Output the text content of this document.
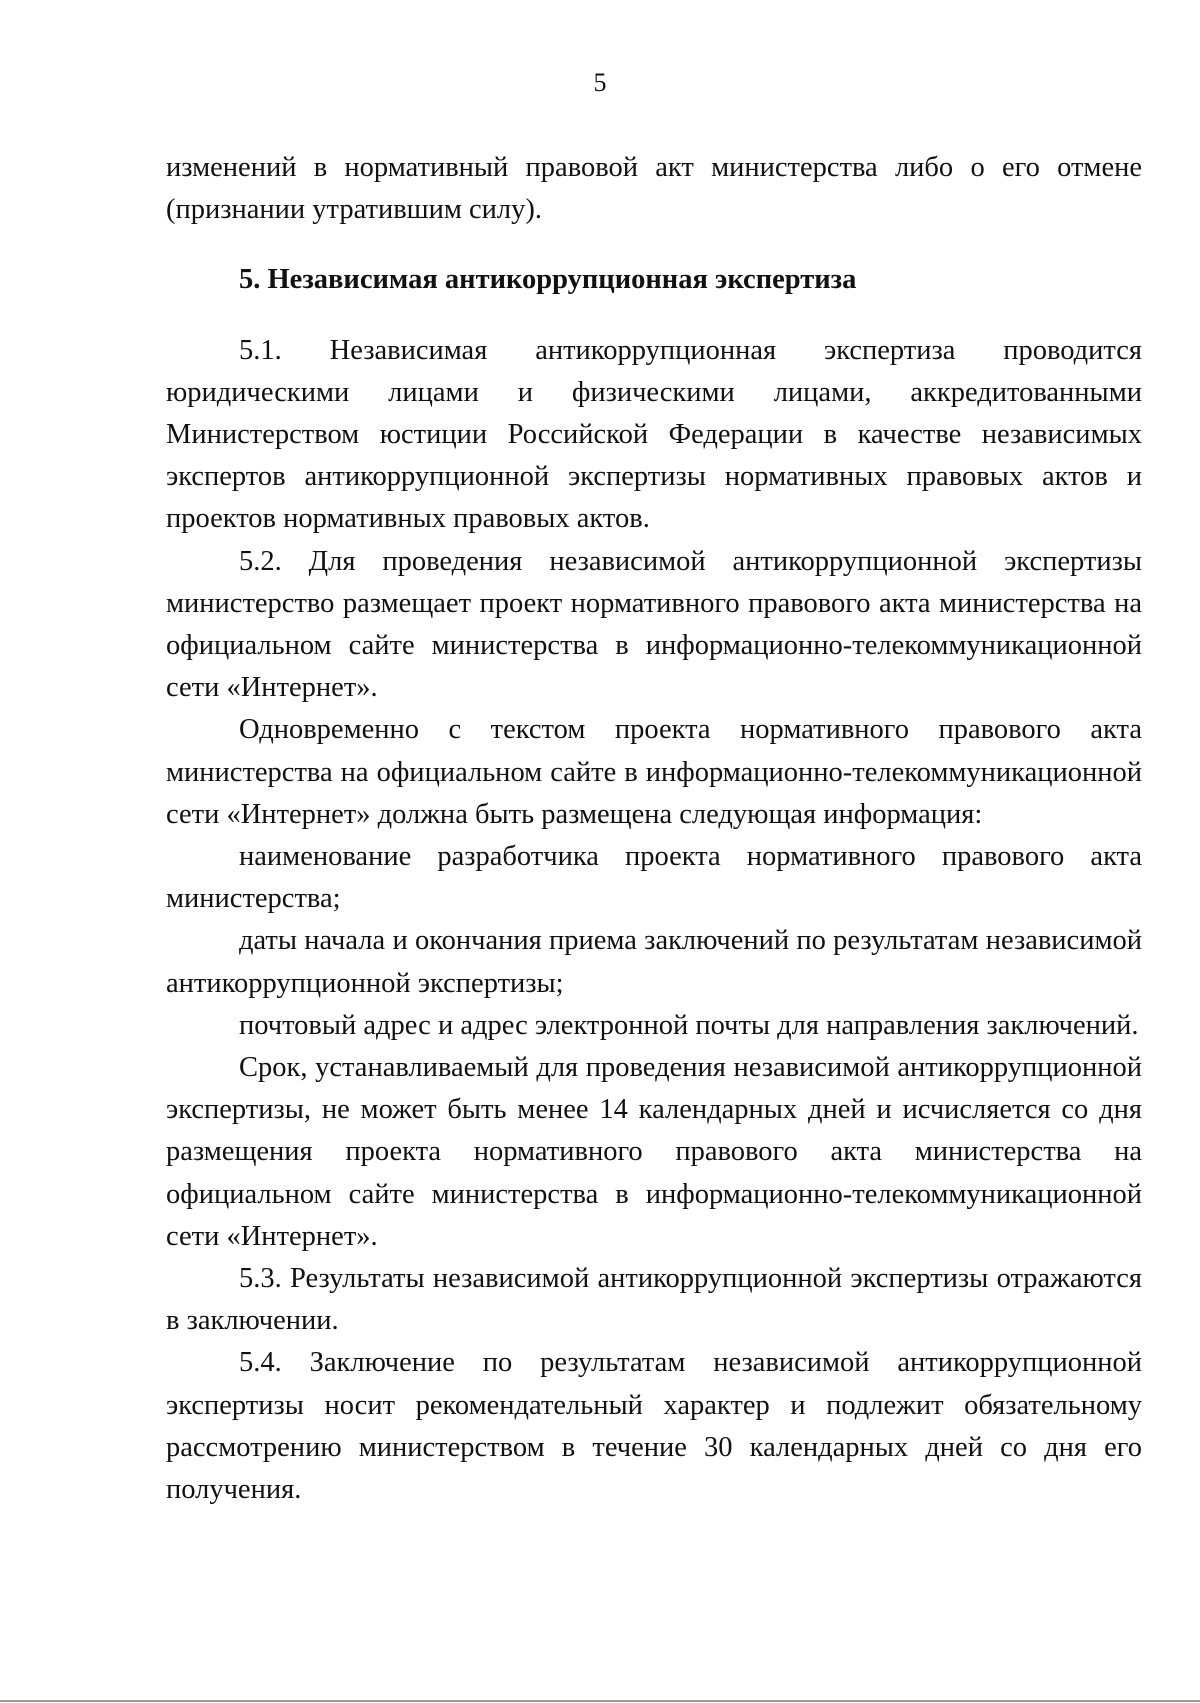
5

изменений в нормативный правовой акт министерства либо о его отмене (признании утратившим силу).

5. Независимая антикоррупционная экспертиза

5.1. Независимая антикоррупционная экспертиза проводится юридическими лицами и физическими лицами, аккредитованными Министерством юстиции Российской Федерации в качестве независимых экспертов антикоррупционной экспертизы нормативных правовых актов и проектов нормативных правовых актов.

5.2. Для проведения независимой антикоррупционной экспертизы министерство размещает проект нормативного правового акта министерства на официальном сайте министерства в информационно-телекоммуникационной сети «Интернет».

Одновременно с текстом проекта нормативного правового акта министерства на официальном сайте в информационно-телекоммуникационной сети «Интернет» должна быть размещена следующая информация:

наименование разработчика проекта нормативного правового акта министерства;

даты начала и окончания приема заключений по результатам независимой антикоррупционной экспертизы;

почтовый адрес и адрес электронной почты для направления заключений.

Срок, устанавливаемый для проведения независимой антикоррупционной экспертизы, не может быть менее 14 календарных дней и исчисляется со дня размещения проекта нормативного правового акта министерства на официальном сайте министерства в информационно-телекоммуникационной сети «Интернет».

5.3. Результаты независимой антикоррупционной экспертизы отражаются в заключении.

5.4. Заключение по результатам независимой антикоррупционной экспертизы носит рекомендательный характер и подлежит обязательному рассмотрению министерством в течение 30 календарных дней со дня его получения.
